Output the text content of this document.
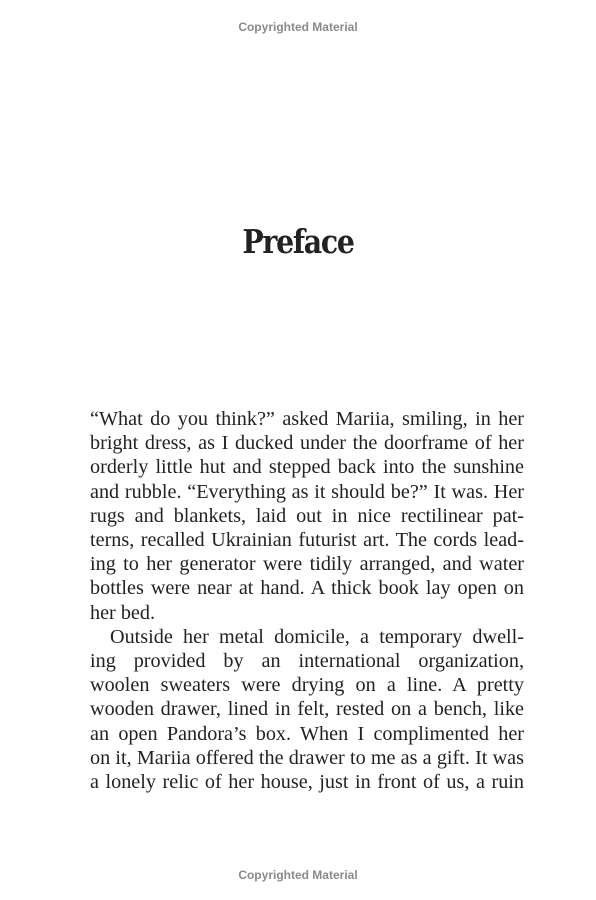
Copyrighted Material
Preface
“What do you think?” asked Mariia, smiling, in her
bright dress, as I ducked under the doorframe of her
orderly little hut and stepped back into the sunshine
and rubble. “Everything as it should be?” It was. Her
rugs and blankets, laid out in nice rectilinear pat-
terns, recalled Ukrainian futurist art. The cords lead-
ing to her generator were tidily arranged, and water
bottles were near at hand. A thick book lay open on
her bed.
Outside her metal domicile, a temporary dwell-
ing provided by an international organization,
woolen sweaters were drying on a line. A pretty
wooden drawer, lined in felt, rested on a bench, like
an open Pandora’s box. When I complimented her
on it, Mariia offered the drawer to me as a gift. It was
a lonely relic of her house, just in front of us, a ruin
Copyrighted Material
